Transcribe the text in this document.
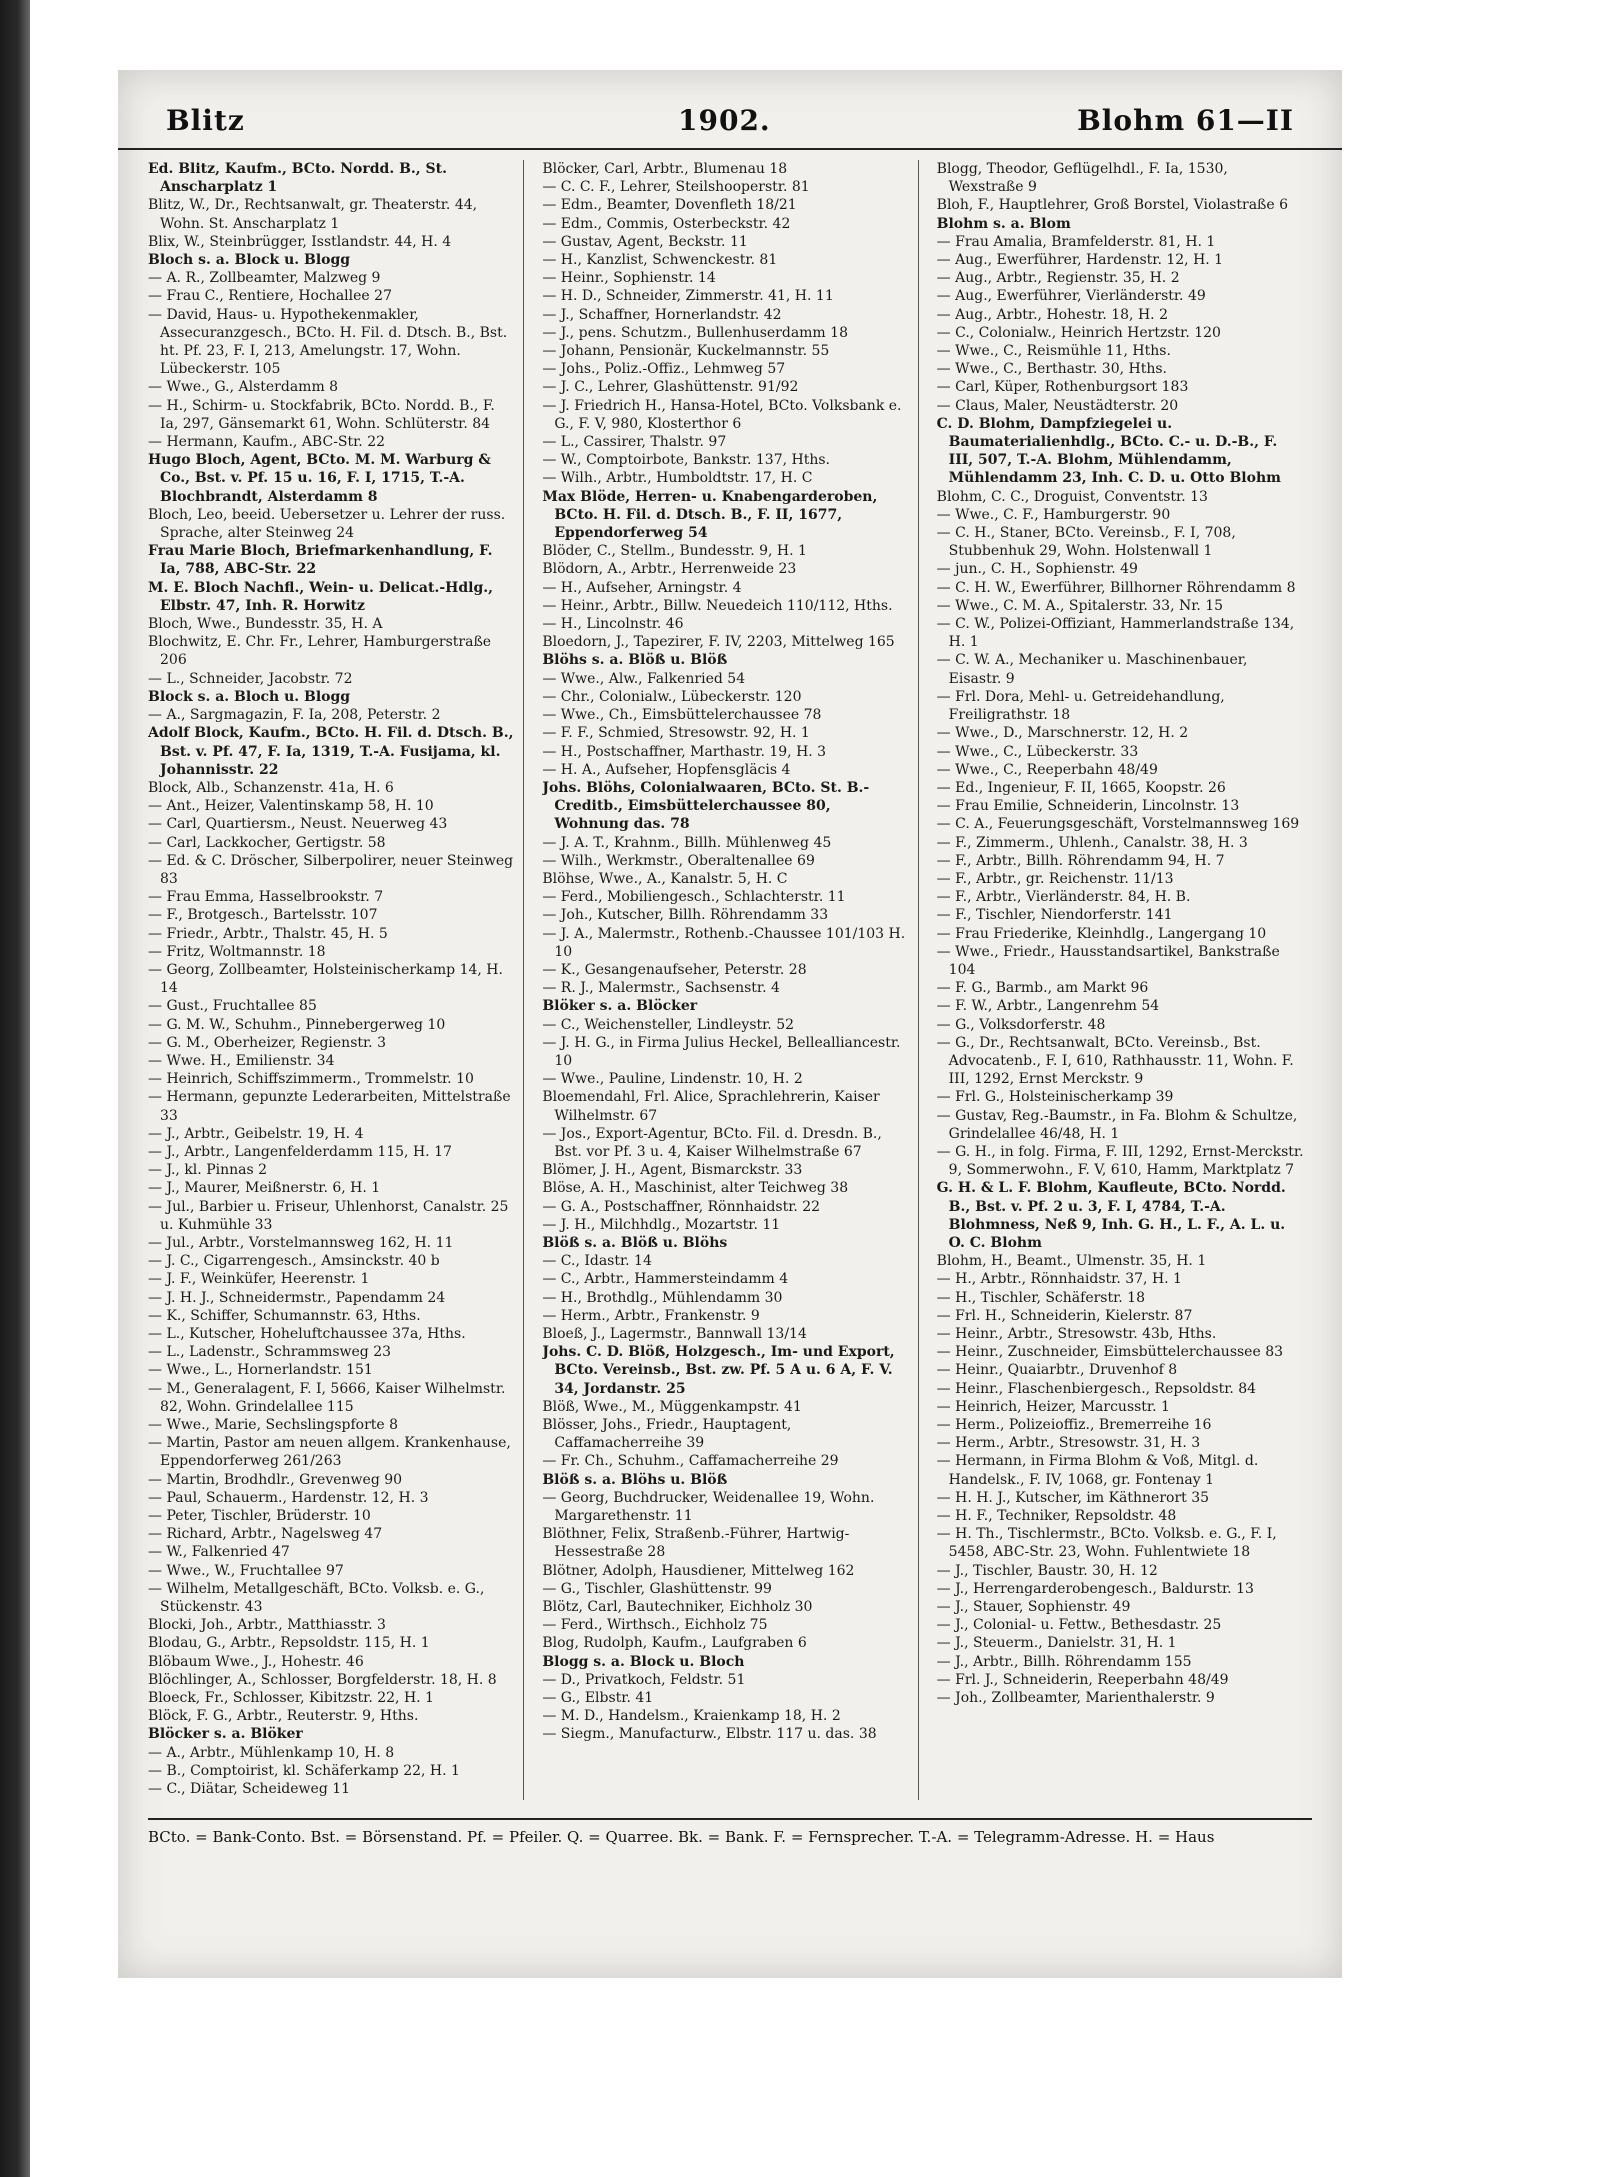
Blitz	1902.	Blohm 61—II

Ed. Blitz, Kaufm., BCto. Nordd. B., St. Anscharplatz 1

Blitz, W., Dr., Rechtsanwalt, gr. Theaterstr. 44, Wohn. St. Anscharplatz 1

Blix, W., Steinbrügger, Isstlandstr. 44, H. 4

Bloch s. a. Block u. Blogg

— A. R., Zollbeamter, Malzweg 9

— Frau C., Rentiere, Hochallee 27

— David, Haus- u. Hypothekenmakler, Assecuranzgesch., BCto. H. Fil. d. Dtsch. B., Bst. ht. Pf. 23, F. I, 213, Amelungstr. 17, Wohn. Lübeckerstr. 105

— Wwe., G., Alsterdamm 8

— H., Schirm- u. Stockfabrik, BCto. Nordd. B., F. Ia, 297, Gänsemarkt 61, Wohn. Schlüterstr. 84

— Hermann, Kaufm., ABC-Str. 22

Hugo Bloch, Agent, BCto. M. M. Warburg & Co., Bst. v. Pf. 15 u. 16, F. I, 1715, T.-A. Blochbrandt, Alsterdamm 8

Bloch, Leo, beeid. Uebersetzer u. Lehrer der russ. Sprache, alter Steinweg 24

Frau Marie Bloch, Briefmarkenhandlung, F. Ia, 788, ABC-Str. 22

M. E. Bloch Nachfl., Wein- u. Delicat.-Hdlg., Elbstr. 47, Inh. R. Horwitz

Bloch, Wwe., Bundesstr. 35, H. A

Blochwitz, E. Chr. Fr., Lehrer, Hamburgerstraße 206

— L., Schneider, Jacobstr. 72

Block s. a. Bloch u. Blogg

— A., Sargmagazin, F. Ia, 208, Peterstr. 2

Adolf Block, Kaufm., BCto. H. Fil. d. Dtsch. B., Bst. v. Pf. 47, F. Ia, 1319, T.-A. Fusijama, kl. Johannisstr. 22

Block, Alb., Schanzenstr. 41a, H. 6

— Ant., Heizer, Valentinskamp 58, H. 10

— Carl, Quartiersm., Neust. Neuerweg 43

— Carl, Lackkocher, Gertigstr. 58

— Ed. & C. Dröscher, Silberpolirer, neuer Steinweg 83

— Frau Emma, Hasselbrookstr. 7

— F., Brotgesch., Bartelsstr. 107

— Friedr., Arbtr., Thalstr. 45, H. 5

— Fritz, Woltmannstr. 18

— Georg, Zollbeamter, Holsteinischerkamp 14, H. 14

— Gust., Fruchtallee 85

— G. M. W., Schuhm., Pinnebergerweg 10

— G. M., Oberheizer, Regienstr. 3

— Wwe. H., Emilienstr. 34

— Heinrich, Schiffszimmerm., Trommelstr. 10

— Hermann, gepunzte Lederarbeiten, Mittelstraße 33

— J., Arbtr., Geibelstr. 19, H. 4

— J., Arbtr., Langenfelderdamm 115, H. 17

— J., kl. Pinnas 2

— J., Maurer, Meißnerstr. 6, H. 1

— Jul., Barbier u. Friseur, Uhlenhorst, Canalstr. 25 u. Kuhmühle 33

— Jul., Arbtr., Vorstelmannsweg 162, H. 11

— J. C., Cigarrengesch., Amsinckstr. 40 b

— J. F., Weinküfer, Heerenstr. 1

— J. H. J., Schneidermstr., Papendamm 24

— K., Schiffer, Schumannstr. 63, Hths.

— L., Kutscher, Hoheluftchaussee 37a, Hths.

— L., Ladenstr., Schrammsweg 23

— Wwe., L., Hornerlandstr. 151

— M., Generalagent, F. I, 5666, Kaiser Wilhelmstr. 82, Wohn. Grindelallee 115

— Wwe., Marie, Sechslingspforte 8

— Martin, Pastor am neuen allgem. Krankenhause, Eppendorferweg 261/263

— Martin, Brodhdlr., Grevenweg 90

— Paul, Schauerm., Hardenstr. 12, H. 3

— Peter, Tischler, Brüderstr. 10

— Richard, Arbtr., Nagelsweg 47

— W., Falkenried 47

— Wwe., W., Fruchtallee 97

— Wilhelm, Metallgeschäft, BCto. Volksb. e. G., Stückenstr. 43

Blocki, Joh., Arbtr., Matthiasstr. 3

Blodau, G., Arbtr., Repsoldstr. 115, H. 1

Blöbaum Wwe., J., Hohestr. 46

Blöchlinger, A., Schlosser, Borgfelderstr. 18, H. 8

Bloeck, Fr., Schlosser, Kibitzstr. 22, H. 1

Blöck, F. G., Arbtr., Reuterstr. 9, Hths.

Blöcker s. a. Blöker

— A., Arbtr., Mühlenkamp 10, H. 8

— B., Comptoirist, kl. Schäferkamp 22, H. 1

— C., Diätar, Scheideweg 11

Blöcker, Carl, Arbtr., Blumenau 18

— C. C. F., Lehrer, Steilshooperstr. 81

— Edm., Beamter, Dovenfleth 18/21

— Edm., Commis, Osterbeckstr. 42

— Gustav, Agent, Beckstr. 11

— H., Kanzlist, Schwenckestr. 81

— Heinr., Sophienstr. 14

— H. D., Schneider, Zimmerstr. 41, H. 11

— J., Schaffner, Hornerlandstr. 42

— J., pens. Schutzm., Bullenhuserdamm 18

— Johann, Pensionär, Kuckelmannstr. 55

— Johs., Poliz.-Offiz., Lehmweg 57

— J. C., Lehrer, Glashüttenstr. 91/92

— J. Friedrich H., Hansa-Hotel, BCto. Volksbank e. G., F. V, 980, Klosterthor 6

— L., Cassirer, Thalstr. 97

— W., Comptoirbote, Bankstr. 137, Hths.

— Wilh., Arbtr., Humboldtstr. 17, H. C

Max Blöde, Herren- u. Knabengarderoben, BCto. H. Fil. d. Dtsch. B., F. II, 1677, Eppendorferweg 54

Blöder, C., Stellm., Bundesstr. 9, H. 1

Blödorn, A., Arbtr., Herrenweide 23

— H., Aufseher, Arningstr. 4

— Heinr., Arbtr., Billw. Neuedeich 110/112, Hths.

— H., Lincolnstr. 46

Bloedorn, J., Tapezirer, F. IV, 2203, Mittelweg 165

Blöhs s. a. Blöß u. Blöß

— Wwe., Alw., Falkenried 54

— Chr., Colonialw., Lübeckerstr. 120

— Wwe., Ch., Eimsbüttelerchaussee 78

— F. F., Schmied, Stresowstr. 92, H. 1

— H., Postschaffner, Marthastr. 19, H. 3

— H. A., Aufseher, Hopfensgläcis 4

Johs. Blöhs, Colonialwaaren, BCto. St. B.-Creditb., Eimsbüttelerchaussee 80, Wohnung das. 78

— J. A. T., Krahnm., Billh. Mühlenweg 45

— Wilh., Werkmstr., Oberaltenallee 69

Blöhse, Wwe., A., Kanalstr. 5, H. C

— Ferd., Mobiliengesch., Schlachterstr. 11

— Joh., Kutscher, Billh. Röhrendamm 33

— J. A., Malermstr., Rothenb.-Chaussee 101/103 H. 10

— K., Gesangenaufseher, Peterstr. 28

— R. J., Malermstr., Sachsenstr. 4

Blöker s. a. Blöcker

— C., Weichensteller, Lindleystr. 52

— J. H. G., in Firma Julius Heckel, Bellealliancestr. 10

— Wwe., Pauline, Lindenstr. 10, H. 2

Bloemendahl, Frl. Alice, Sprachlehrerin, Kaiser Wilhelmstr. 67

— Jos., Export-Agentur, BCto. Fil. d. Dresdn. B., Bst. vor Pf. 3 u. 4, Kaiser Wilhelmstraße 67

Blömer, J. H., Agent, Bismarckstr. 33

Blöse, A. H., Maschinist, alter Teichweg 38

— G. A., Postschaffner, Rönnhaidstr. 22

— J. H., Milchhdlg., Mozartstr. 11

Blöß s. a. Blöß u. Blöhs

— C., Idastr. 14

— C., Arbtr., Hammersteindamm 4

— H., Brothdlg., Mühlendamm 30

— Herm., Arbtr., Frankenstr. 9

Bloeß, J., Lagermstr., Bannwall 13/14

Johs. C. D. Blöß, Holzgesch., Im- und Export, BCto. Vereinsb., Bst. zw. Pf. 5 A u. 6 A, F. V. 34, Jordanstr. 25

Blöß, Wwe., M., Müggenkampstr. 41

Blösser, Johs., Friedr., Hauptagent, Caffamacherreihe 39

— Fr. Ch., Schuhm., Caffamacherreihe 29

Blöß s. a. Blöhs u. Blöß

— Georg, Buchdrucker, Weidenallee 19, Wohn. Margarethenstr. 11

Blöthner, Felix, Straßenb.-Führer, Hartwig-Hessestraße 28

Blötner, Adolph, Hausdiener, Mittelweg 162

— G., Tischler, Glashüttenstr. 99

Blötz, Carl, Bautechniker, Eichholz 30

— Ferd., Wirthsch., Eichholz 75

Blog, Rudolph, Kaufm., Laufgraben 6

Blogg s. a. Block u. Bloch

— D., Privatkoch, Feldstr. 51

— G., Elbstr. 41

— M. D., Handelsm., Kraienkamp 18, H. 2

— Siegm., Manufacturw., Elbstr. 117 u. das. 38

Blogg, Theodor, Geflügelhdl., F. Ia, 1530, Wexstraße 9

Bloh, F., Hauptlehrer, Groß Borstel, Violastraße 6

Blohm s. a. Blom

— Frau Amalia, Bramfelderstr. 81, H. 1

— Aug., Ewerführer, Hardenstr. 12, H. 1

— Aug., Arbtr., Regienstr. 35, H. 2

— Aug., Ewerführer, Vierländerstr. 49

— Aug., Arbtr., Hohestr. 18, H. 2

— C., Colonialw., Heinrich Hertzstr. 120

— Wwe., C., Reismühle 11, Hths.

— Wwe., C., Berthastr. 30, Hths.

— Carl, Küper, Rothenburgsort 183

— Claus, Maler, Neustädterstr. 20

C. D. Blohm, Dampfziegelei u. Baumaterialienhdlg., BCto. C.- u. D.-B., F. III, 507, T.-A. Blohm, Mühlendamm, Mühlendamm 23, Inh. C. D. u. Otto Blohm

Blohm, C. C., Droguist, Conventstr. 13

— Wwe., C. F., Hamburgerstr. 90

— C. H., Staner, BCto. Vereinsb., F. I, 708, Stubbenhuk 29, Wohn. Holstenwall 1

— jun., C. H., Sophienstr. 49

— C. H. W., Ewerführer, Billhorner Röhrendamm 8

— Wwe., C. M. A., Spitalerstr. 33, Nr. 15

— C. W., Polizei-Offiziant, Hammerlandstraße 134, H. 1

— C. W. A., Mechaniker u. Maschinenbauer, Eisastr. 9

— Frl. Dora, Mehl- u. Getreidehandlung, Freiligrathstr. 18

— Wwe., D., Marschnerstr. 12, H. 2

— Wwe., C., Lübeckerstr. 33

— Wwe., C., Reeperbahn 48/49

— Ed., Ingenieur, F. II, 1665, Koopstr. 26

— Frau Emilie, Schneiderin, Lincolnstr. 13

— C. A., Feuerungsgeschäft, Vorstelmannsweg 169

— F., Zimmerm., Uhlenh., Canalstr. 38, H. 3

— F., Arbtr., Billh. Röhrendamm 94, H. 7

— F., Arbtr., gr. Reichenstr. 11/13

— F., Arbtr., Vierländerstr. 84, H. B.

— F., Tischler, Niendorferstr. 141

— Frau Friederike, Kleinhdlg., Langergang 10

— Wwe., Friedr., Hausstandsartikel, Bankstraße 104

— F. G., Barmb., am Markt 96

— F. W., Arbtr., Langenrehm 54

— G., Volksdorferstr. 48

— G., Dr., Rechtsanwalt, BCto. Vereinsb., Bst. Advocatenb., F. I, 610, Rathhausstr. 11, Wohn. F. III, 1292, Ernst Merckstr. 9

— Frl. G., Holsteinischerkamp 39

— Gustav, Reg.-Baumstr., in Fa. Blohm & Schultze, Grindelallee 46/48, H. 1

— G. H., in folg. Firma, F. III, 1292, Ernst-Merckstr. 9, Sommerwohn., F. V, 610, Hamm, Marktplatz 7

G. H. & L. F. Blohm, Kaufleute, BCto. Nordd. B., Bst. v. Pf. 2 u. 3, F. I, 4784, T.-A. Blohmness, Neß 9, Inh. G. H., L. F., A. L. u. O. C. Blohm

Blohm, H., Beamt., Ulmenstr. 35, H. 1

— H., Arbtr., Rönnhaidstr. 37, H. 1

— H., Tischler, Schäferstr. 18

— Frl. H., Schneiderin, Kielerstr. 87

— Heinr., Arbtr., Stresowstr. 43b, Hths.

— Heinr., Zuschneider, Eimsbüttelerchaussee 83

— Heinr., Quaiarbtr., Druvenhof 8

— Heinr., Flaschenbiergesch., Repsoldstr. 84

— Heinrich, Heizer, Marcusstr. 1

— Herm., Polizeioffiz., Bremerreihe 16

— Herm., Arbtr., Stresowstr. 31, H. 3

— Hermann, in Firma Blohm & Voß, Mitgl. d. Handelsk., F. IV, 1068, gr. Fontenay 1

— H. H. J., Kutscher, im Käthnerort 35

— H. F., Techniker, Repsoldstr. 48

— H. Th., Tischlermstr., BCto. Volksb. e. G., F. I, 5458, ABC-Str. 23, Wohn. Fuhlentwiete 18

— J., Tischler, Baustr. 30, H. 12

— J., Herrengarderobengesch., Baldurstr. 13

— J., Stauer, Sophienstr. 49

— J., Colonial- u. Fettw., Bethesdastr. 25

— J., Steuerm., Danielstr. 31, H. 1

— J., Arbtr., Billh. Röhrendamm 155

— Frl. J., Schneiderin, Reeperbahn 48/49

— Joh., Zollbeamter, Marienthalerstr. 9

BCto. = Bank-Conto. Bst. = Börsenstand. Pf. = Pfeiler. Q. = Quarree. Bk. = Bank. F. = Fernsprecher. T.-A. = Telegramm-Adresse. H. = Haus
